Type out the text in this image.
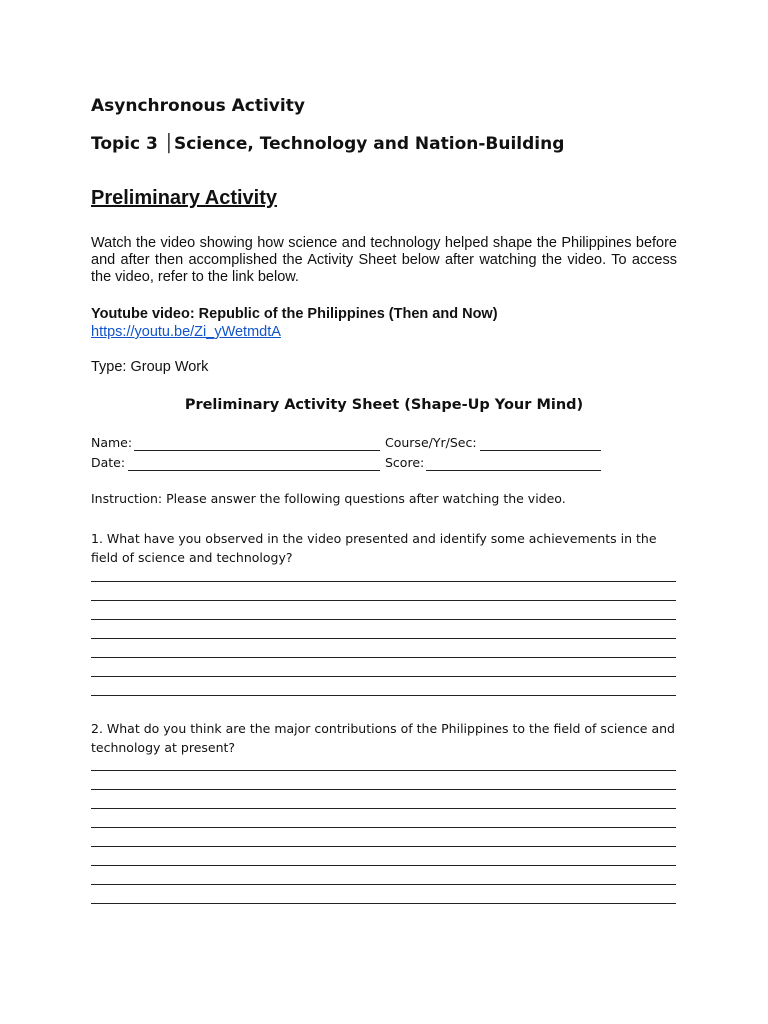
Asynchronous Activity
Topic 3 │Science, Technology and Nation-Building
Preliminary Activity
Watch the video showing how science and technology helped shape the Philippines before and after then accomplished the Activity Sheet below after watching the video. To access the video, refer to the link below.
Youtube video: Republic of the Philippines (Then and Now)
https://youtu.be/Zi_yWetmdtA
Type: Group Work
Preliminary Activity Sheet (Shape-Up Your Mind)
Name:	Course/Yr/Sec:
Date:	Score:
Instruction: Please answer the following questions after watching the video.
1. What have you observed in the video presented and identify some achievements in the field of science and technology?
2. What do you think are the major contributions of the Philippines to the field of science and technology at present?
